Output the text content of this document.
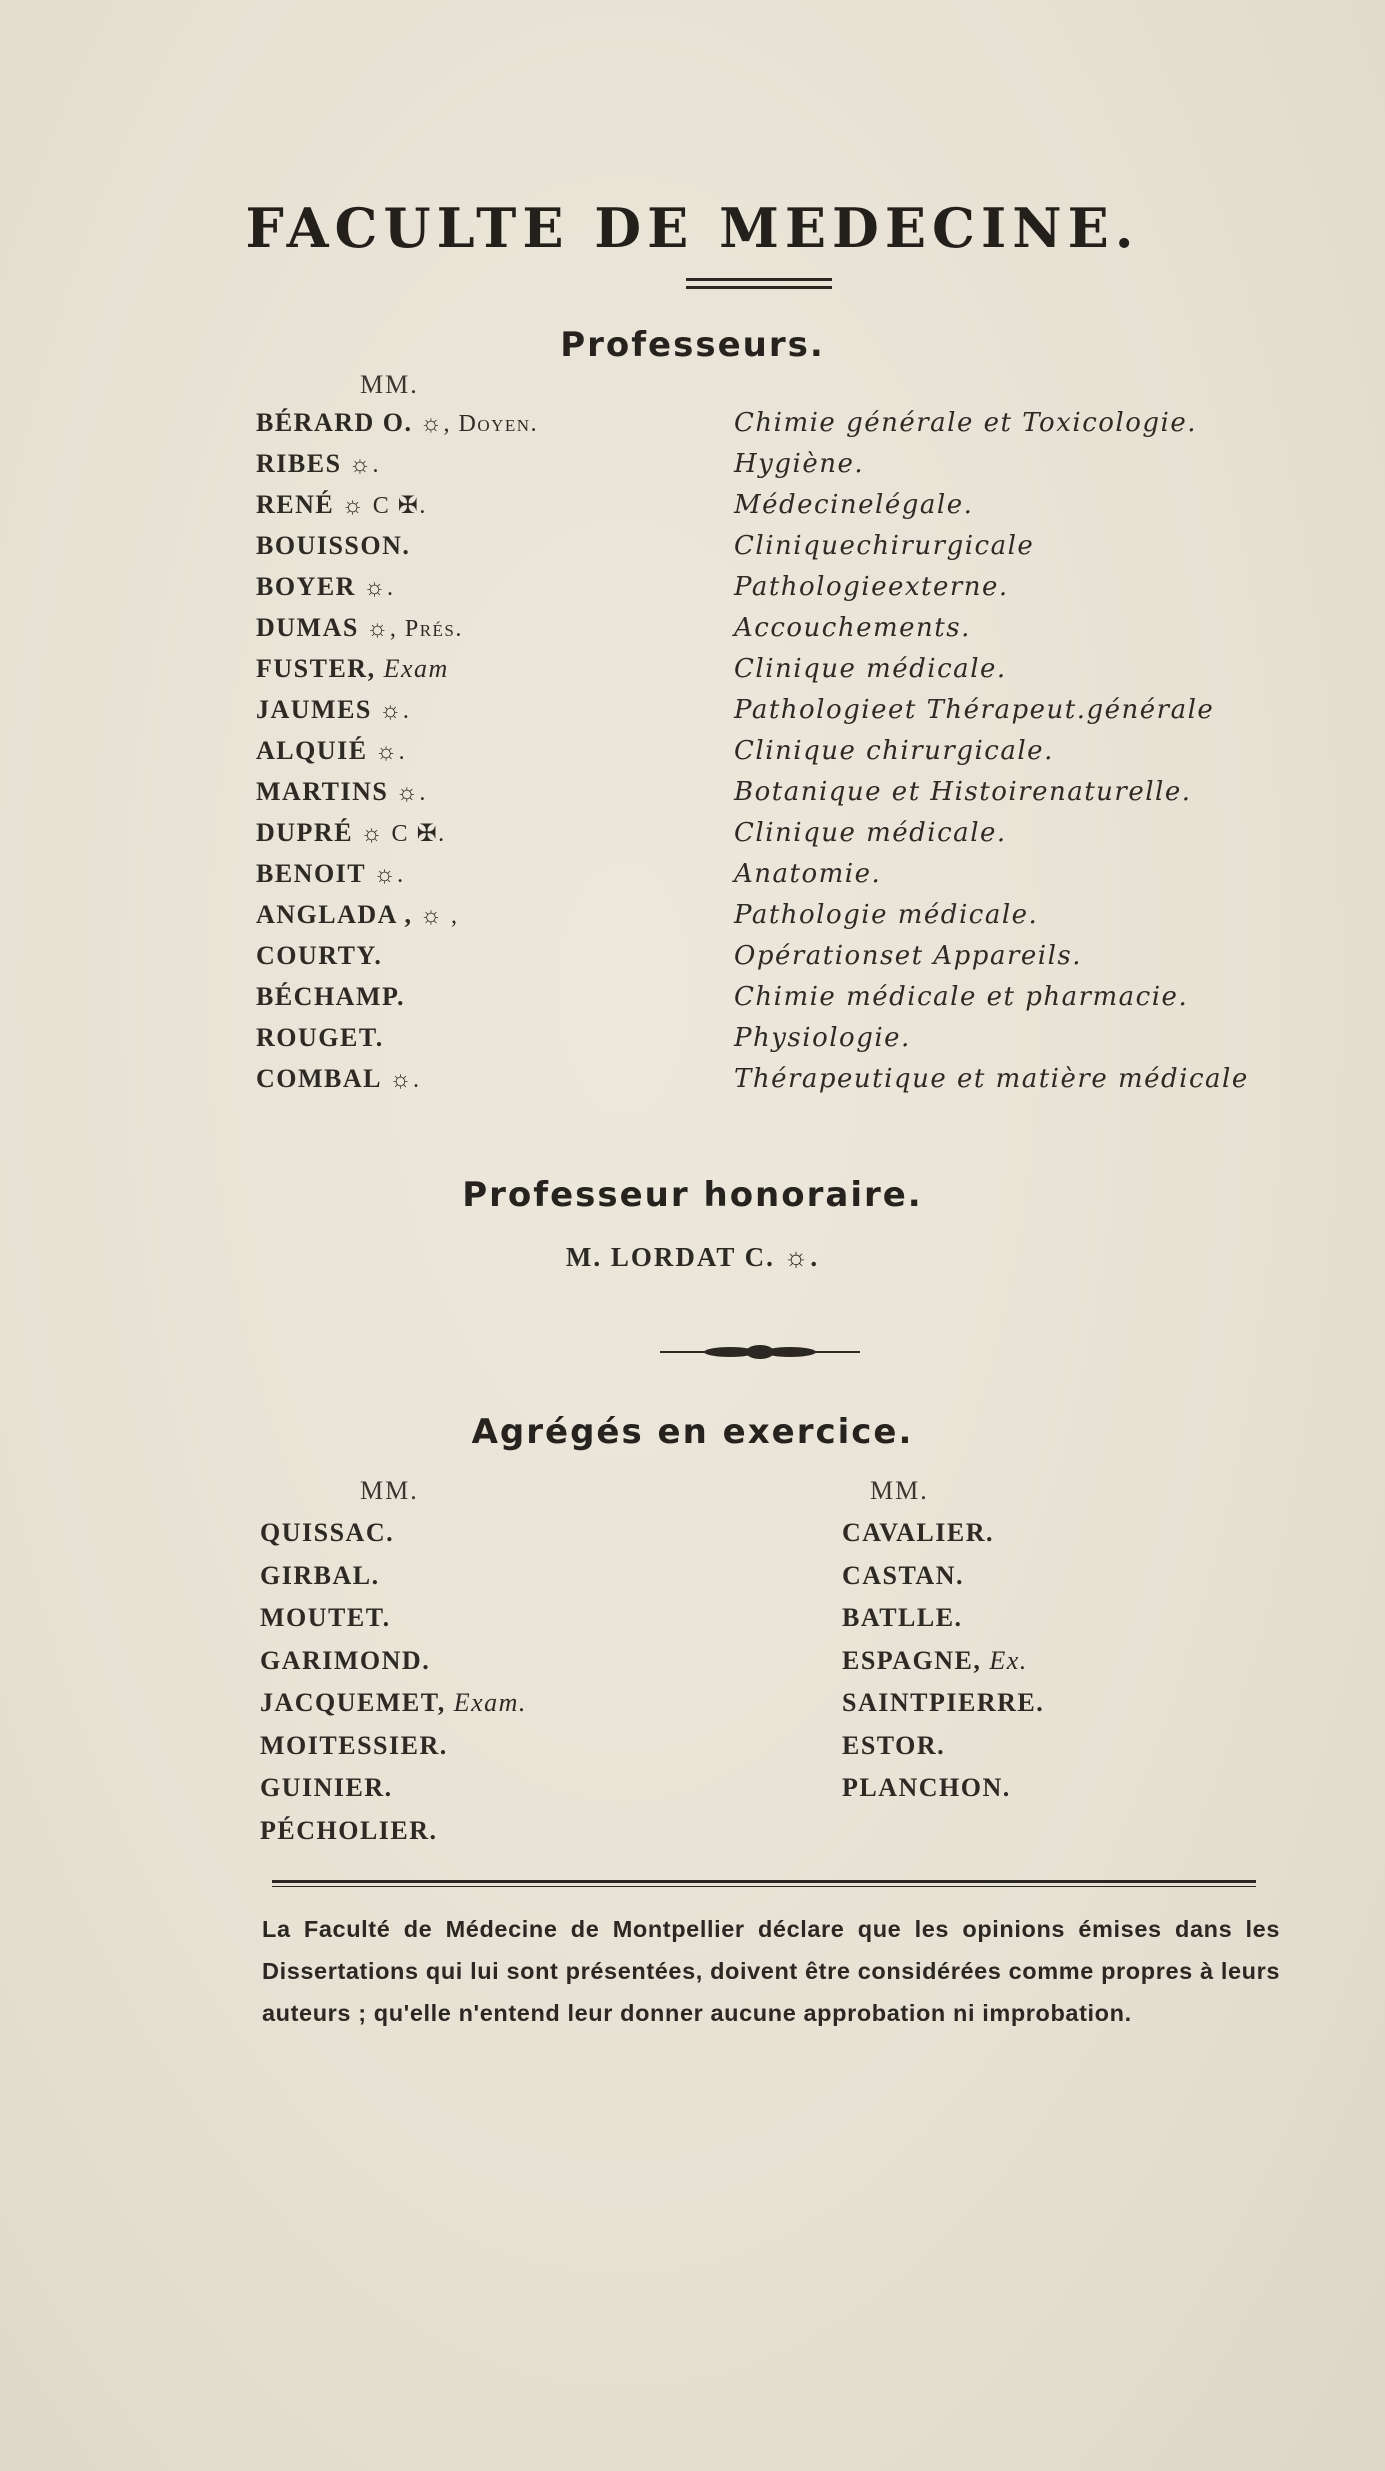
FACULTE DE MEDECINE.
Professeurs.
MM.
BÉRARD O. ☼, Doyen.	Chimie générale et Toxicologie.
RIBES ☼.	Hygiène.
RENÉ ☼ C ✠.	Médecinelégale.
BOUISSON.	Cliniquechirurgicale
BOYER ☼.	Pathologieexterne.
DUMAS ☼, Prés.	Accouchements.
FUSTER, Exam	Clinique médicale.
JAUMES ☼.	Pathologieet Thérapeut.générale
ALQUIÉ ☼.	Clinique chirurgicale.
MARTINS ☼.	Botanique et Histoirenaturelle.
DUPRÉ ☼ C ✠.	Clinique médicale.
BENOIT ☼.	Anatomie.
ANGLADA , ☼ ,	Pathologie médicale.
COURTY.	Opérationset Appareils.
BÉCHAMP.	Chimie médicale et pharmacie.
ROUGET.	Physiologie.
COMBAL ☼.	Thérapeutique et matière médicale
Professeur honoraire.
M. LORDAT C. ☼.
Agrégés en exercice.
MM.	MM.
QUISSAC.
GIRBAL.
MOUTET.
GARIMOND.
JACQUEMET, Exam.
MOITESSIER.
GUINIER.
PÉCHOLIER.
CAVALIER.
CASTAN.
BATLLE.
ESPAGNE, Ex.
SAINTPIERRE.
ESTOR.
PLANCHON.
La Faculté de Médecine de Montpellier déclare que les opinions émises dans les Dissertations qui lui sont présentées, doivent être considérées comme propres à leurs auteurs ; qu'elle n'entend leur donner aucune approbation ni improbation.
